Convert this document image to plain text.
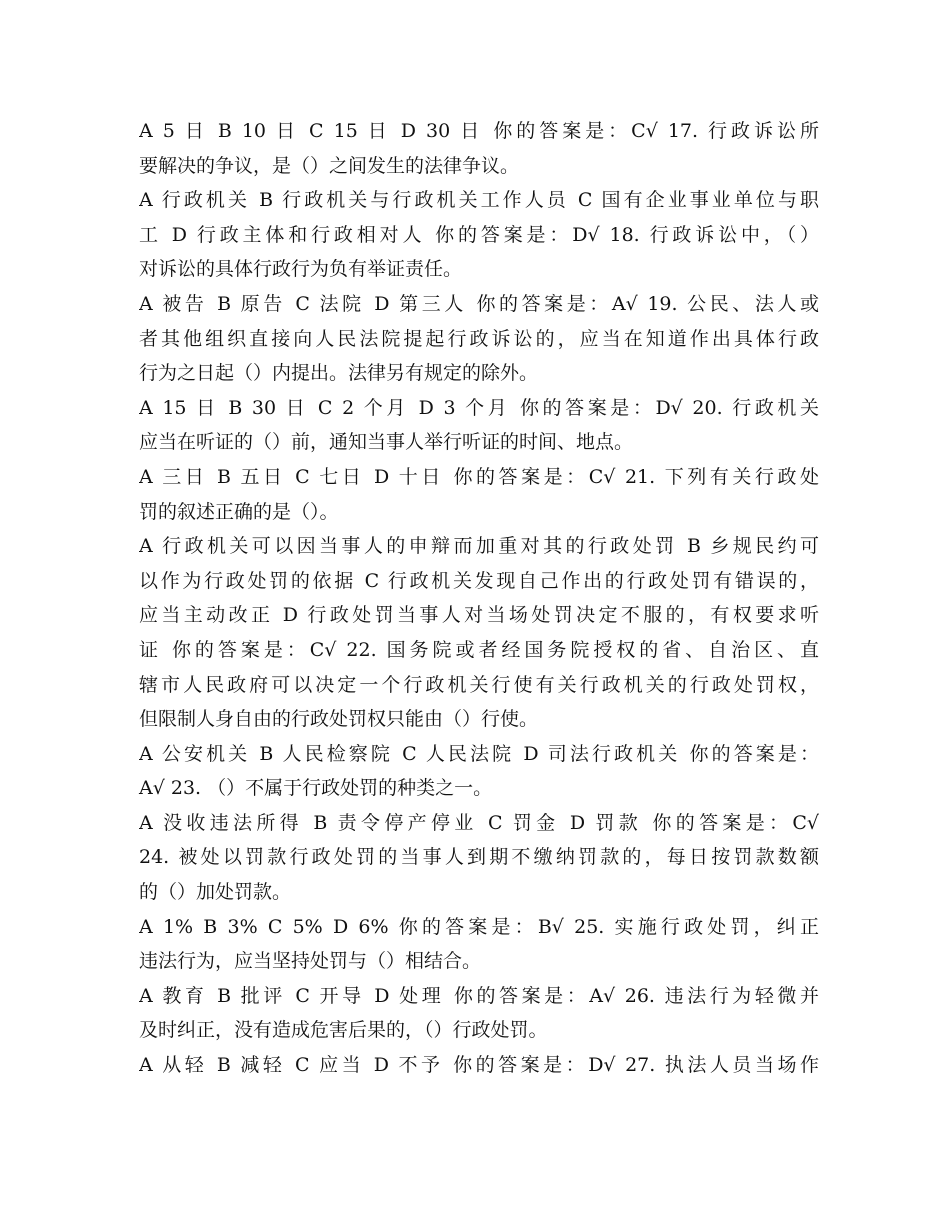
A 5 日 B 10 日 C 15 日 D 30 日 你的答案是：C√ 17. 行政诉讼所
要解决的争议，是（）之间发生的法律争议。
A 行政机关 B 行政机关与行政机关工作人员 C 国有企业事业单位与职
工 D 行政主体和行政相对人 你的答案是：D√ 18. 行政诉讼中，（）
对诉讼的具体行政行为负有举证责任。
A 被告 B 原告 C 法院 D 第三人 你的答案是：A√ 19. 公民、法人或
者其他组织直接向人民法院提起行政诉讼的，应当在知道作出具体行政
行为之日起（）内提出。法律另有规定的除外。
A 15 日 B 30 日 C 2 个月 D 3 个月 你的答案是：D√ 20. 行政机关
应当在听证的（）前，通知当事人举行听证的时间、地点。
A 三日 B 五日 C 七日 D 十日 你的答案是：C√ 21. 下列有关行政处
罚的叙述正确的是（）。
A 行政机关可以因当事人的申辩而加重对其的行政处罚 B 乡规民约可
以作为行政处罚的依据 C 行政机关发现自己作出的行政处罚有错误的，
应当主动改正 D 行政处罚当事人对当场处罚决定不服的，有权要求听
证 你的答案是：C√ 22. 国务院或者经国务院授权的省、自治区、直
辖市人民政府可以决定一个行政机关行使有关行政机关的行政处罚权，
但限制人身自由的行政处罚权只能由（）行使。
A 公安机关 B 人民检察院 C 人民法院 D 司法行政机关 你的答案是：
A√ 23. （）不属于行政处罚的种类之一。
A 没收违法所得 B 责令停产停业 C 罚金 D 罚款 你的答案是：C√
24. 被处以罚款行政处罚的当事人到期不缴纳罚款的，每日按罚款数额
的（）加处罚款。
A 1% B 3% C 5% D 6% 你的答案是：B√ 25. 实施行政处罚，纠正
违法行为，应当坚持处罚与（）相结合。
A 教育 B 批评 C 开导 D 处理 你的答案是：A√ 26. 违法行为轻微并
及时纠正，没有造成危害后果的，（）行政处罚。
A 从轻 B 减轻 C 应当 D 不予 你的答案是：D√ 27. 执法人员当场作
